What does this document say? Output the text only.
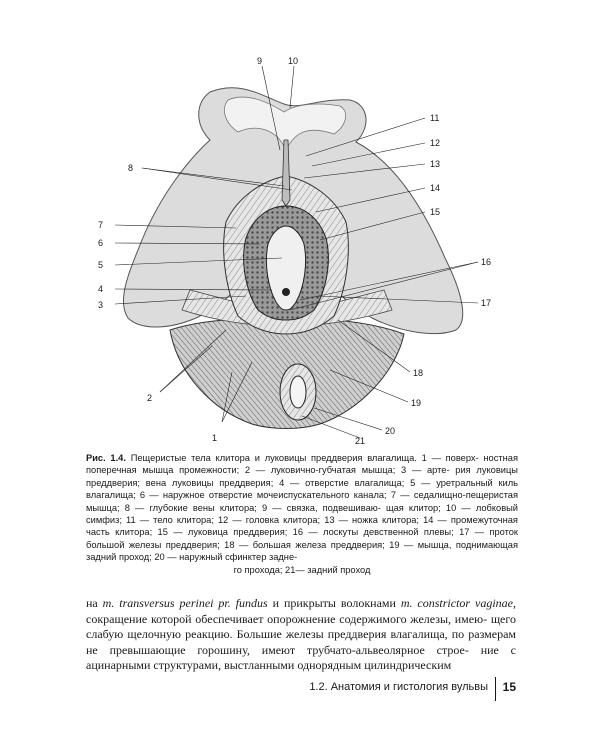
1
2
3
4
5
6
7
8
9	10
11
12
13
14
15
16
17
18
19
20
21
Рис. 1.4. Пещеристые тела клитора и луковицы преддверия влагалища. 1 — поверх- ностная поперечная мышца промежности; 2 — луковично-губчатая мышца; 3 — арте- рия луковицы преддверия; вена луковицы преддверия; 4 — отверстие влагалища; 5 — уретральный киль влагалища; 6 — наружное отверстие мочеиспускательного канала; 7 — седалищно-пещеристая мышца; 8 — глубокие вены клитора; 9 — связка, подвешиваю- щая клитор; 10 — лобковый симфиз; 11 — тело клитора; 12 — головка клитора; 13 — ножка клитора; 14 — промежуточная часть клитора; 15 — луковица преддверия; 16 — лоскуты девственной плевы; 17 — проток большой железы преддверия; 18 — большая железа преддверия; 19 — мышца, поднимающая задний проход; 20 — наружный сфинктер задне-
го прохода; 21— задний проход
на m. transversus perinei pr. fundus и прикрыты волокнами m. constrictor vaginae, сокращение которой обеспечивает опорожнение содержимого железы, имею- щего слабую щелочную реакцию. Большие железы преддверия влагалища, по размерам не превышающие горошину, имеют трубчато-альвеолярное строе- ние с ацинарными структурами, выстланными однорядным цилиндрическим
1.2. Анатомия и гистология вульвы 15
